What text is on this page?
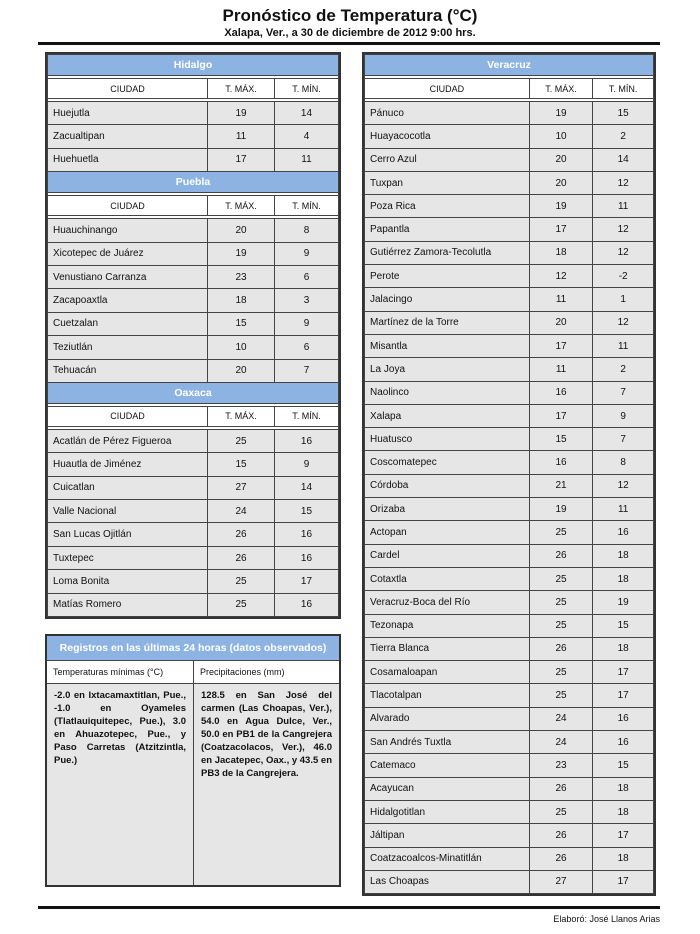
Pronóstico de Temperatura (°C)
Xalapa, Ver., a 30 de diciembre de 2012 9:00 hrs.
Hidalgo		

CIUDAD	T. MÁX.	T. MÍN.

Huejutla	19	14
Zacualtipan	11	4
Huehuetla	17	11
Puebla		

CIUDAD	T. MÁX.	T. MÍN.

Huauchinango	20	8
Xicotepec de Juárez	19	9
Venustiano Carranza	23	6
Zacapoaxtla	18	3
Cuetzalan	15	9
Teziutlán	10	6
Tehuacán	20	7
Oaxaca		

CIUDAD	T. MÁX.	T. MÍN.

Acatlán de Pérez Figueroa	25	16
Huautla de Jiménez	15	9
Cuicatlan	27	14
Valle Nacional	24	15
San Lucas Ojitlán	26	16
Tuxtepec	26	16
Loma Bonita	25	17
Matías Romero	25	16
Veracruz		

CIUDAD	T. MÁX.	T. MÍN.

Pánuco	19	15
Huayacocotla	10	2
Cerro Azul	20	14
Tuxpan	20	12
Poza Rica	19	11
Papantla	17	12
Gutiérrez Zamora-Tecolutla	18	12
Perote	12	-2
Jalacingo	11	1
Martínez de la Torre	20	12
Misantla	17	11
La Joya	11	2
Naolinco	16	7
Xalapa	17	9
Huatusco	15	7
Coscomatepec	16	8
Córdoba	21	12
Orizaba	19	11
Actopan	25	16
Cardel	26	18
Cotaxtla	25	18
Veracruz-Boca del Río	25	19
Tezonapa	25	15
Tierra Blanca	26	18
Cosamaloapan	25	17
Tlacotalpan	25	17
Alvarado	24	16
San Andrés Tuxtla	24	16
Catemaco	23	15
Acayucan	26	18
Hidalgotitlan	25	18
Jáltipan	26	17
Coatzacoalcos-Minatitlán	26	18
Las Choapas	27	17
Registros en las últimas 24 horas (datos observados)
Temperaturas mínimas (°C)
-2.0 en Ixtacamaxtitlan, Pue., -1.0 en Oyameles (Tlatlauiquitepec, Pue.), 3.0 en Ahuazotepec, Pue., y Paso Carretas (Atzitzintla, Pue.)
Precipitaciones (mm)
128.5 en San José del carmen (Las Choapas, Ver.), 54.0 en Agua Dulce, Ver., 50.0 en PB1 de la Cangrejera (Coatzacolacos, Ver.), 46.0 en Jacatepec, Oax., y 43.5 en PB3 de la Cangrejera.
Elaboró: José Llanos Arias
